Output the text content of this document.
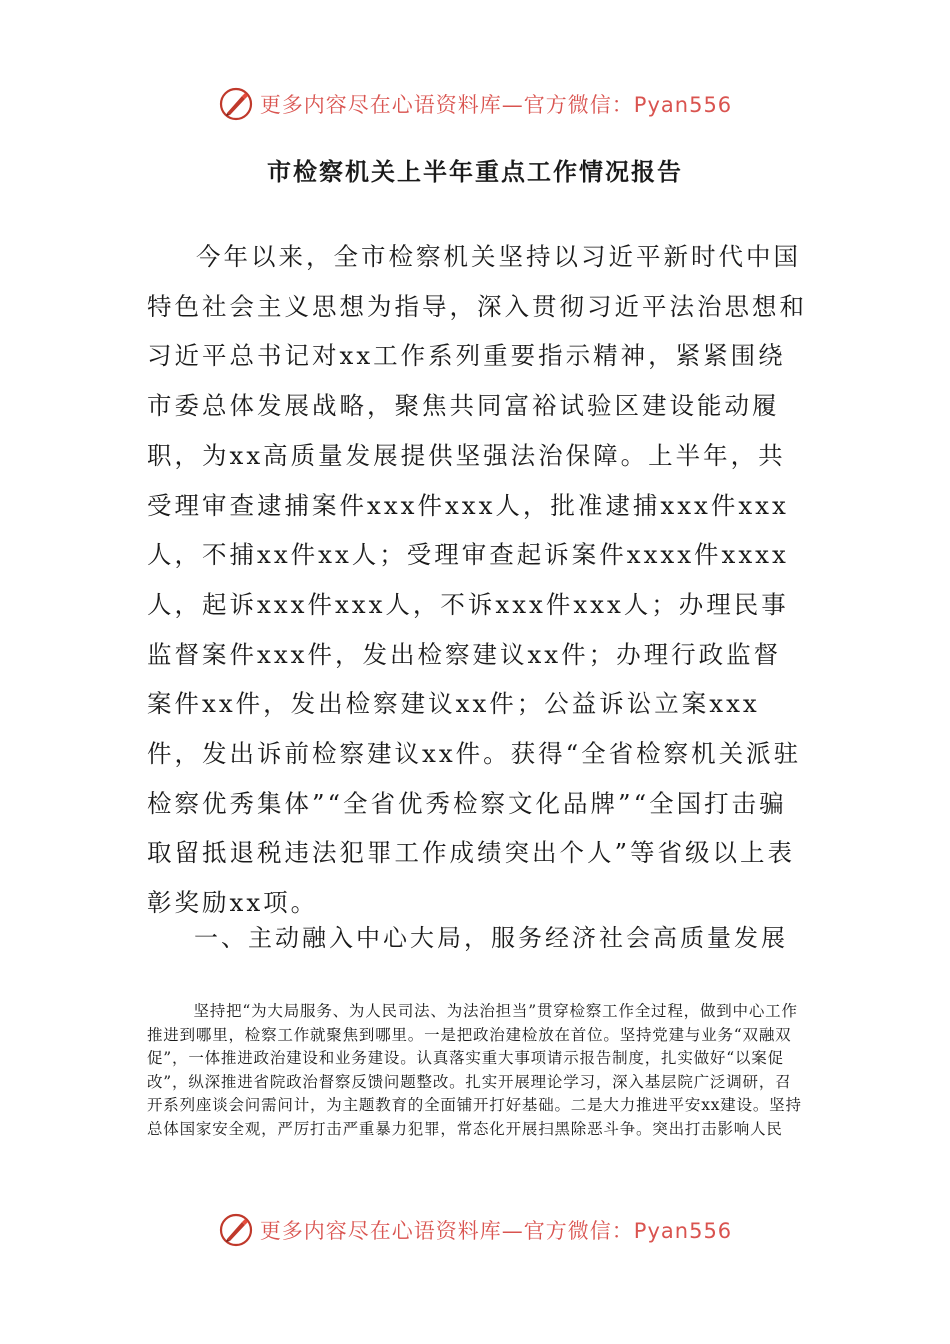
更多内容尽在心语资料库—官方微信：Pyan556
市检察机关上半年重点工作情况报告

今年以来，全市检察机关坚持以习近平新时代中国特色社会主义思想为指导，深入贯彻习近平法治思想和习近平总书记对xx工作系列重要指示精神，紧紧围绕市委总体发展战略，聚焦共同富裕试验区建设能动履职，为xx高质量发展提供坚强法治保障。上半年，共受理审查逮捕案件xxx件xxx人，批准逮捕xxx件xxx人，不捕xx件xx人；受理审查起诉案件xxxx件xxxx人，起诉xxx件xxx人，不诉xxx件xxx人；办理民事监督案件xxx件，发出检察建议xx件；办理行政监督案件xx件，发出检察建议xx件；公益诉讼立案xxx件，发出诉前检察建议xx件。获得“全省检察机关派驻检察优秀集体”“全省优秀检察文化品牌”“全国打击骗取留抵退税违法犯罪工作成绩突出个人”等省级以上表彰奖励xx项。

一、主动融入中心大局，服务经济社会高质量发展

坚持把“为大局服务、为人民司法、为法治担当”贯穿检察工作全过程，做到中心工作推进到哪里，检察工作就聚焦到哪里。一是把政治建检放在首位。坚持党建与业务“双融双促”，一体推进政治建设和业务建设。认真落实重大事项请示报告制度，扎实做好“以案促改”，纵深推进省院政治督察反馈问题整改。扎实开展理论学习，深入基层院广泛调研，召开系列座谈会问需问计，为主题教育的全面铺开打好基础。二是大力推进平安xx建设。坚持总体国家安全观，严厉打击严重暴力犯罪，常态化开展扫黑除恶斗争。突出打击影响人民

更多内容尽在心语资料库—官方微信：Pyan556
